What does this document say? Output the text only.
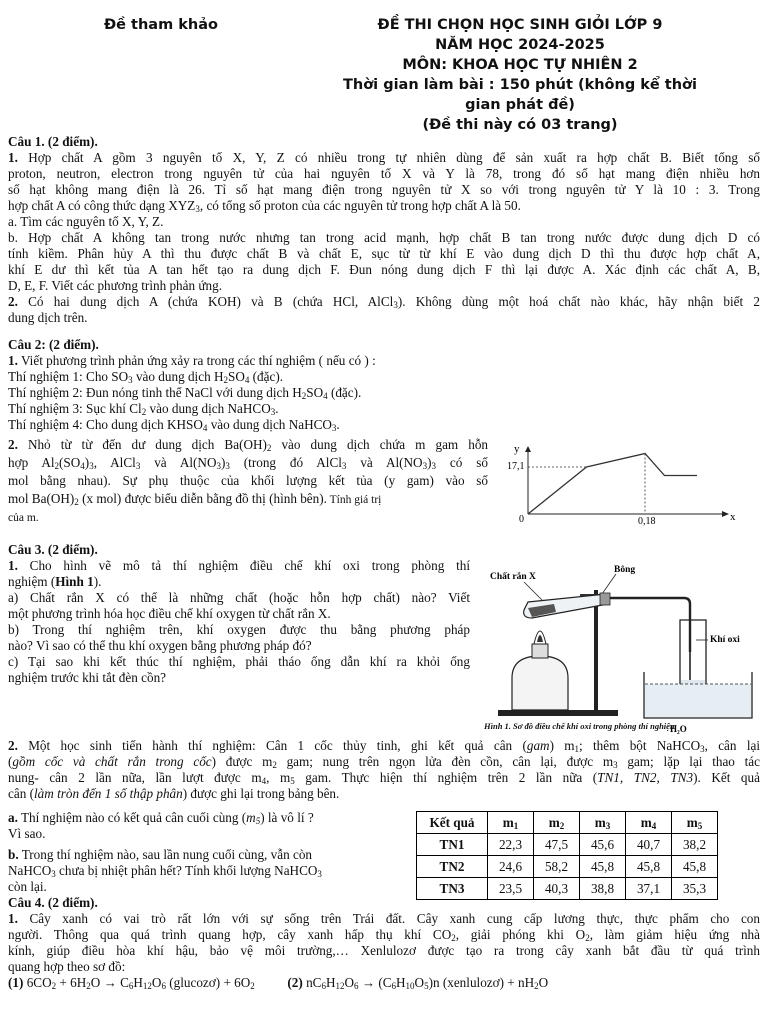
Đề tham khảo	ĐỀ THI CHỌN HỌC SINH GIỎI LỚP 9
NĂM HỌC 2024-2025
MÔN: KHOA HỌC TỰ NHIÊN 2
Thời gian làm bài : 150 phút (không kể thời
gian phát đề)
(Đề thi này có 03 trang)
Câu 1. (2 điểm).
1. Hợp chất A gồm 3 nguyên tố X, Y, Z có nhiều trong tự nhiên dùng để sản xuất ra hợp chất B. Biết tổng số
proton, neutron, electron trong nguyên tử của hai nguyên tố X và Y là 78, trong đó số hạt mang điện nhiều hơn
số hạt không mang điện là 26. Tỉ số hạt mang điện trong nguyên tử X so với trong nguyên tử Y là 10 : 3. Trong
hợp chất A có công thức dạng $XYZ_3$, có tổng số proton của các nguyên tử trong hợp chất A là 50.
a. Tìm các nguyên tố X, Y, Z.
b. Hợp chất A không tan trong nước nhưng tan trong acid mạnh, hợp chất B tan trong nước được dung dịch D có
tính kiềm. Phân hủy A thì thu được chất B và chất E, sục từ từ khí E vào dung dịch D thì thu được hợp chất A,
khí E dư thì kết tủa A tan hết tạo ra dung dịch F. Đun nóng dung dịch F thì lại được A. Xác định các chất A, B,
D, E, F. Viết các phương trình phản ứng.
2. Có hai dung dịch A (chứa KOH) và B (chứa HCl, AlCl$_3$). Không dùng một hoá chất nào khác, hãy nhận biết 2
dung dịch trên.
Câu 2: (2 điểm).
1. Viết phương trình phản ứng xảy ra trong các thí nghiệm ( nếu có ) :
Thí nghiệm 1: Cho $SO_3$ vào dung dịch $H_2SO_4$ (đặc).
Thí nghiệm 2: Đun nóng tinh thể NaCl với dung dịch $H_2SO_4$ (đặc).
Thí nghiệm 3: Sục khí $Cl_2$ vào dung dịch NaHCO$_3$.
Thí nghiệm 4: Cho dung dịch $KHSO_4$ vào dung dịch NaHCO$_3$.
2. Nhỏ từ từ đến dư dung dịch $Ba(OH)_2$ vào dung dịch chứa m gam hỗn
hợp $Al_2(SO_4)_3$, AlCl$_3$ và $Al(NO_3)_3$ (trong đó AlCl$_3$ và $Al(NO_3)_3$ có số
mol bằng nhau). Sự phụ thuộc của khối lượng kết tủa (y gam) vào số
mol $Ba(OH)_2$ (x mol) được biểu diễn bằng đồ thị (hình bên). Tính giá trị
của m.
y
x
0
17,1
0,18
Câu 3. (2 điểm).
1. Cho hình vẽ mô tả thí nghiệm điều chế khí oxi trong phòng thí
nghiệm (Hình 1).
a) Chất rắn X có thể là những chất (hoặc hỗn hợp chất) nào? Viết
một phương trình hóa học điều chế khí oxygen từ chất rắn X.
b) Trong thí nghiệm trên, khí oxygen được thu bằng phương pháp
nào? Vì sao có thể thu khí oxygen bằng phương pháp đó?
c) Tại sao khi kết thúc thí nghiệm, phải tháo ống dẫn khí ra khỏi ống
nghiệm trước khi tắt đèn cồn?
Chất rắn X
Bông
Khí oxi
H₂O
Hình 1. Sơ đồ điều chế khí oxi trong phòng thí nghiệm
2. Một học sinh tiến hành thí nghiệm: Cân 1 cốc thủy tinh, ghi kết quả cân (gam) $m_1$; thêm bột NaHCO$_3$, cân lại
(gồm cốc và chất rắn trong cốc) được $m_2$ gam; nung trên ngọn lửa đèn cồn, cân lại, được $m_3$ gam; lặp lại thao tác
nung- cân 2 lần nữa, lần lượt được $m_4$, $m_5$ gam. Thực hiện thí nghiệm trên 2 lần nữa (TN1, TN2, TN3). Kết quả
cân (làm tròn đến 1 số thập phân) được ghi lại trong bảng bên.
a. Thí nghiệm nào có kết quả cân cuối cùng $(m_5)$ là vô lí ?
Vì sao.
b. Trong thí nghiệm nào, sau lần nung cuối cùng, vẫn còn
NaHCO$_3$ chưa bị nhiệt phân hết? Tính khối lượng NaHCO$_3$
còn lại.
Kết quả	$m_1$	$m_2$	$m_3$	$m_4$	$m_5$
TN1	22,3	47,5	45,6	40,7	38,2
TN2	24,6	58,2	45,8	45,8	45,8
TN3	23,5	40,3	38,8	37,1	35,3
Câu 4. (2 điểm).
1. Cây xanh có vai trò rất lớn với sự sống trên Trái đất. Cây xanh cung cấp lương thực, thực phẩm cho con
người. Thông qua quá trình quang hợp, cây xanh hấp thụ khí $CO_2$, giải phóng khi $O_2$, làm giảm hiệu ứng nhà
kính, giúp điều hòa khí hậu, bảo vệ môi trường,… Xenlulozơ được tạo ra trong cây xanh bắt đầu từ quá trình
quang hợp theo sơ đồ:
(1) $6CO_2 + 6H_2O \to C_6H_{12}O_6$ (glucozơ) + $6O_2$ (2) $nC_6H_{12}O_6 \to (C_6H_{10}O_5)n$ (xenlulozơ) + $nH_2O$
